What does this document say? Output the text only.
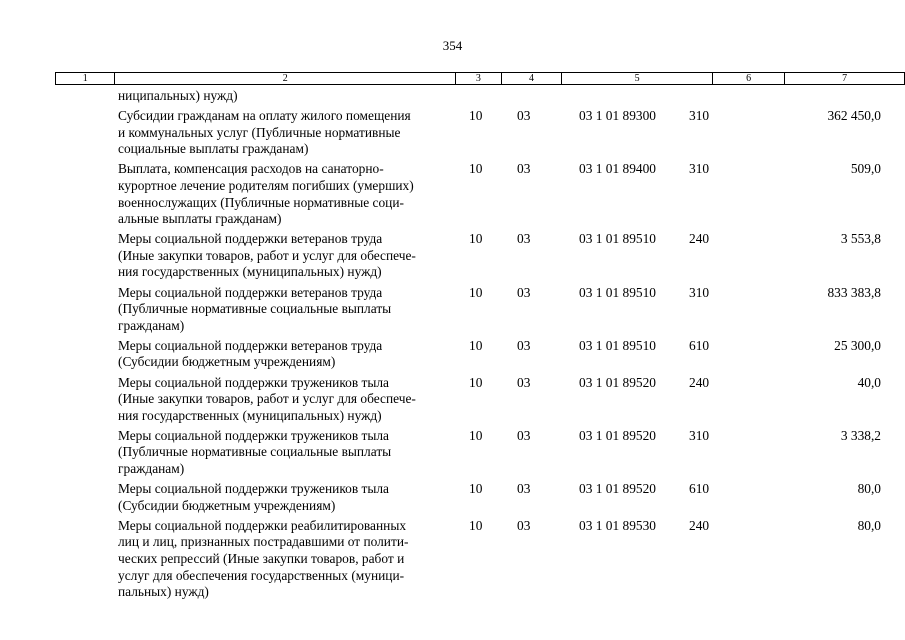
354
1	2	3	4	5	6	7
ниципальных) нужд)
Субсидии гражданам на оплату жилого помещения
и коммунальных услуг (Публичные нормативные
социальные выплаты гражданам)
10	03	03 1 01 89300	310	362 450,0
Выплата, компенсация расходов на санаторно-
курортное лечение родителям погибших (умерших)
военнослужащих (Публичные нормативные соци-
альные выплаты гражданам)
10	03	03 1 01 89400	310	509,0
Меры социальной поддержки ветеранов труда
(Иные закупки товаров, работ и услуг для обеспече-
ния государственных (муниципальных) нужд)
10	03	03 1 01 89510	240	3 553,8
Меры социальной поддержки ветеранов труда
(Публичные нормативные социальные выплаты
гражданам)
10	03	03 1 01 89510	310	833 383,8
Меры социальной поддержки ветеранов труда
(Субсидии бюджетным учреждениям)
10	03	03 1 01 89510	610	25 300,0
Меры социальной поддержки тружеников тыла
(Иные закупки товаров, работ и услуг для обеспече-
ния государственных (муниципальных) нужд)
10	03	03 1 01 89520	240	40,0
Меры социальной поддержки тружеников тыла
(Публичные нормативные социальные выплаты
гражданам)
10	03	03 1 01 89520	310	3 338,2
Меры социальной поддержки тружеников тыла
(Субсидии бюджетным учреждениям)
10	03	03 1 01 89520	610	80,0
Меры социальной поддержки реабилитированных
лиц и лиц, признанных пострадавшими от полити-
ческих репрессий (Иные закупки товаров, работ и
услуг для обеспечения государственных (муници-
пальных) нужд)
10	03	03 1 01 89530	240	80,0
